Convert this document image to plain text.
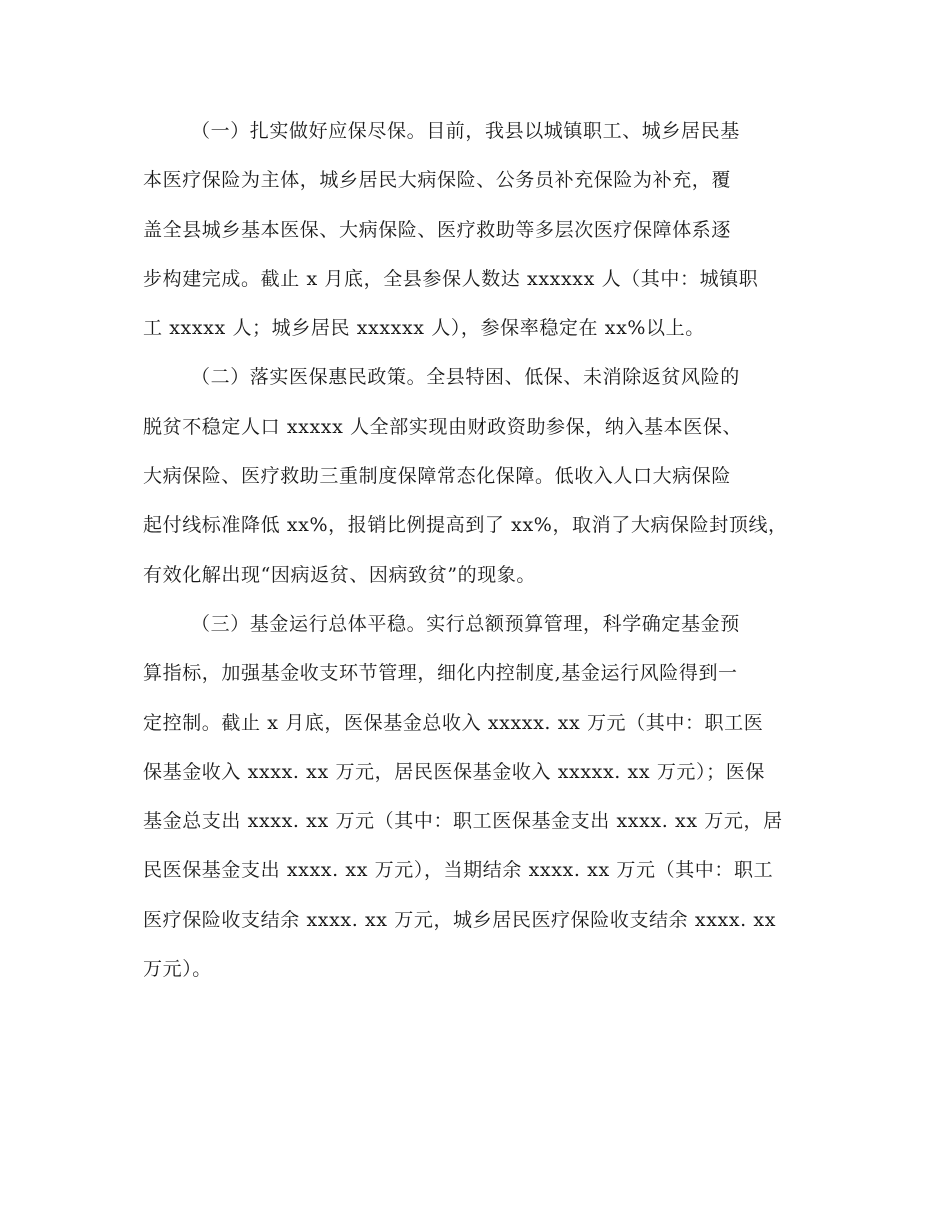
（一）扎实做好应保尽保。目前，我县以城镇职工、城乡居民基
本医疗保险为主体，城乡居民大病保险、公务员补充保险为补充，覆
盖全县城乡基本医保、大病保险、医疗救助等多层次医疗保障体系逐
步构建完成。截止 x 月底，全县参保人数达 xxxxxx 人（其中：城镇职
工 xxxxx 人；城乡居民 xxxxxx 人），参保率稳定在 xx%以上。
（二）落实医保惠民政策。全县特困、低保、未消除返贫风险的
脱贫不稳定人口 xxxxx 人全部实现由财政资助参保，纳入基本医保、
大病保险、医疗救助三重制度保障常态化保障。低收入人口大病保险
起付线标准降低 xx%，报销比例提高到了 xx%，取消了大病保险封顶线，
有效化解出现“因病返贫、因病致贫”的现象。
（三）基金运行总体平稳。实行总额预算管理，科学确定基金预
算指标，加强基金收支环节管理，细化内控制度,基金运行风险得到一
定控制。截止 x 月底，医保基金总收入 xxxxx. xx 万元（其中：职工医
保基金收入 xxxx. xx 万元，居民医保基金收入 xxxxx. xx 万元）；医保
基金总支出 xxxx. xx 万元（其中：职工医保基金支出 xxxx. xx 万元，居
民医保基金支出 xxxx. xx 万元），当期结余 xxxx. xx 万元（其中：职工
医疗保险收支结余 xxxx. xx 万元，城乡居民医疗保险收支结余 xxxx. xx
万元）。
